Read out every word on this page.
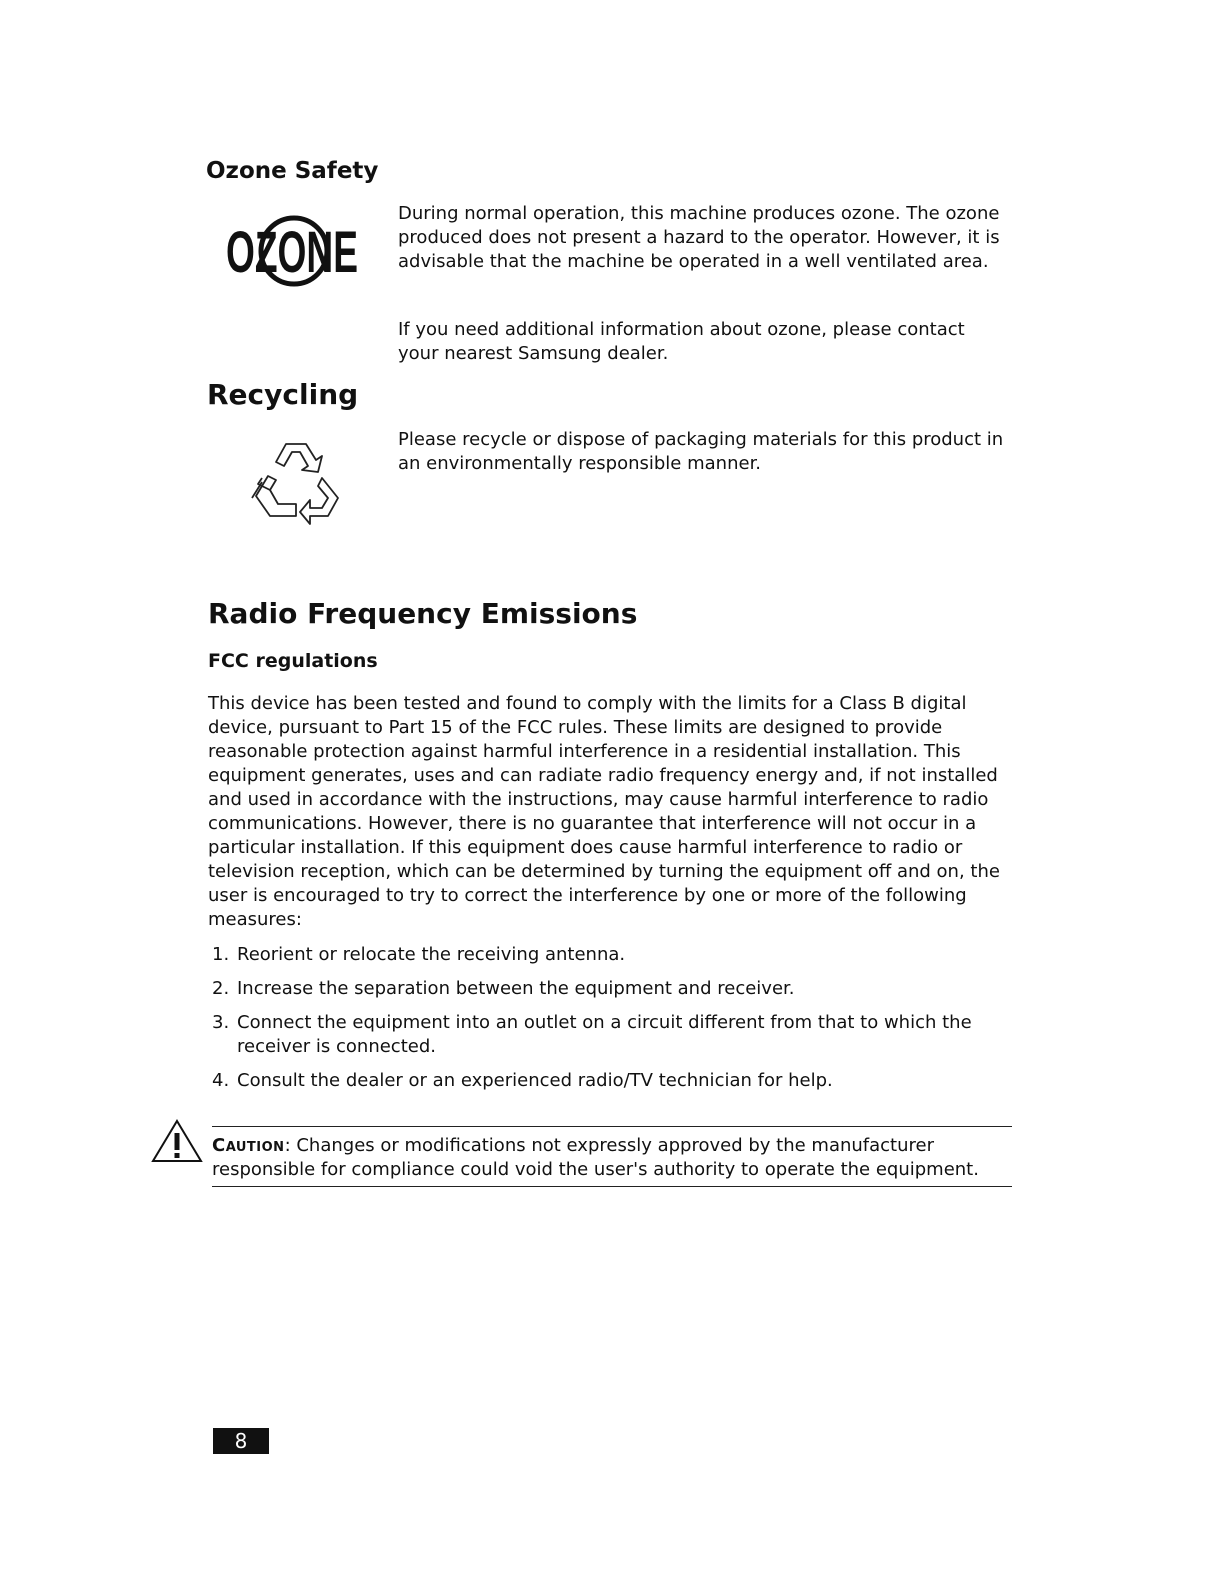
Ozone Safety
OZONE

During normal operation, this machine produces ozone. The ozone produced does not present a hazard to the operator. However, it is advisable that the machine be operated in a well ventilated area.

If you need additional information about ozone, please contact your nearest Samsung dealer.

Recycling

Please recycle or dispose of packaging materials for this product in an environmentally responsible manner.

Radio Frequency Emissions
FCC regulations

This device has been tested and found to comply with the limits for a Class B digital device, pursuant to Part 15 of the FCC rules. These limits are designed to provide reasonable protection against harmful interference in a residential installation. This equipment generates, uses and can radiate radio frequency energy and, if not installed and used in accordance with the instructions, may cause harmful interference to radio communications. However, there is no guarantee that interference will not occur in a particular installation. If this equipment does cause harmful interference to radio or television reception, which can be determined by turning the equipment off and on, the user is encouraged to try to correct the interference by one or more of the following measures:

1. Reorient or relocate the receiving antenna.
2. Increase the separation between the equipment and receiver.
3. Connect the equipment into an outlet on a circuit different from that to which the receiver is connected.
4. Consult the dealer or an experienced radio/TV technician for help.

Caution: Changes or modifications not expressly approved by the manufacturer responsible for compliance could void the user's authority to operate the equipment.

8
